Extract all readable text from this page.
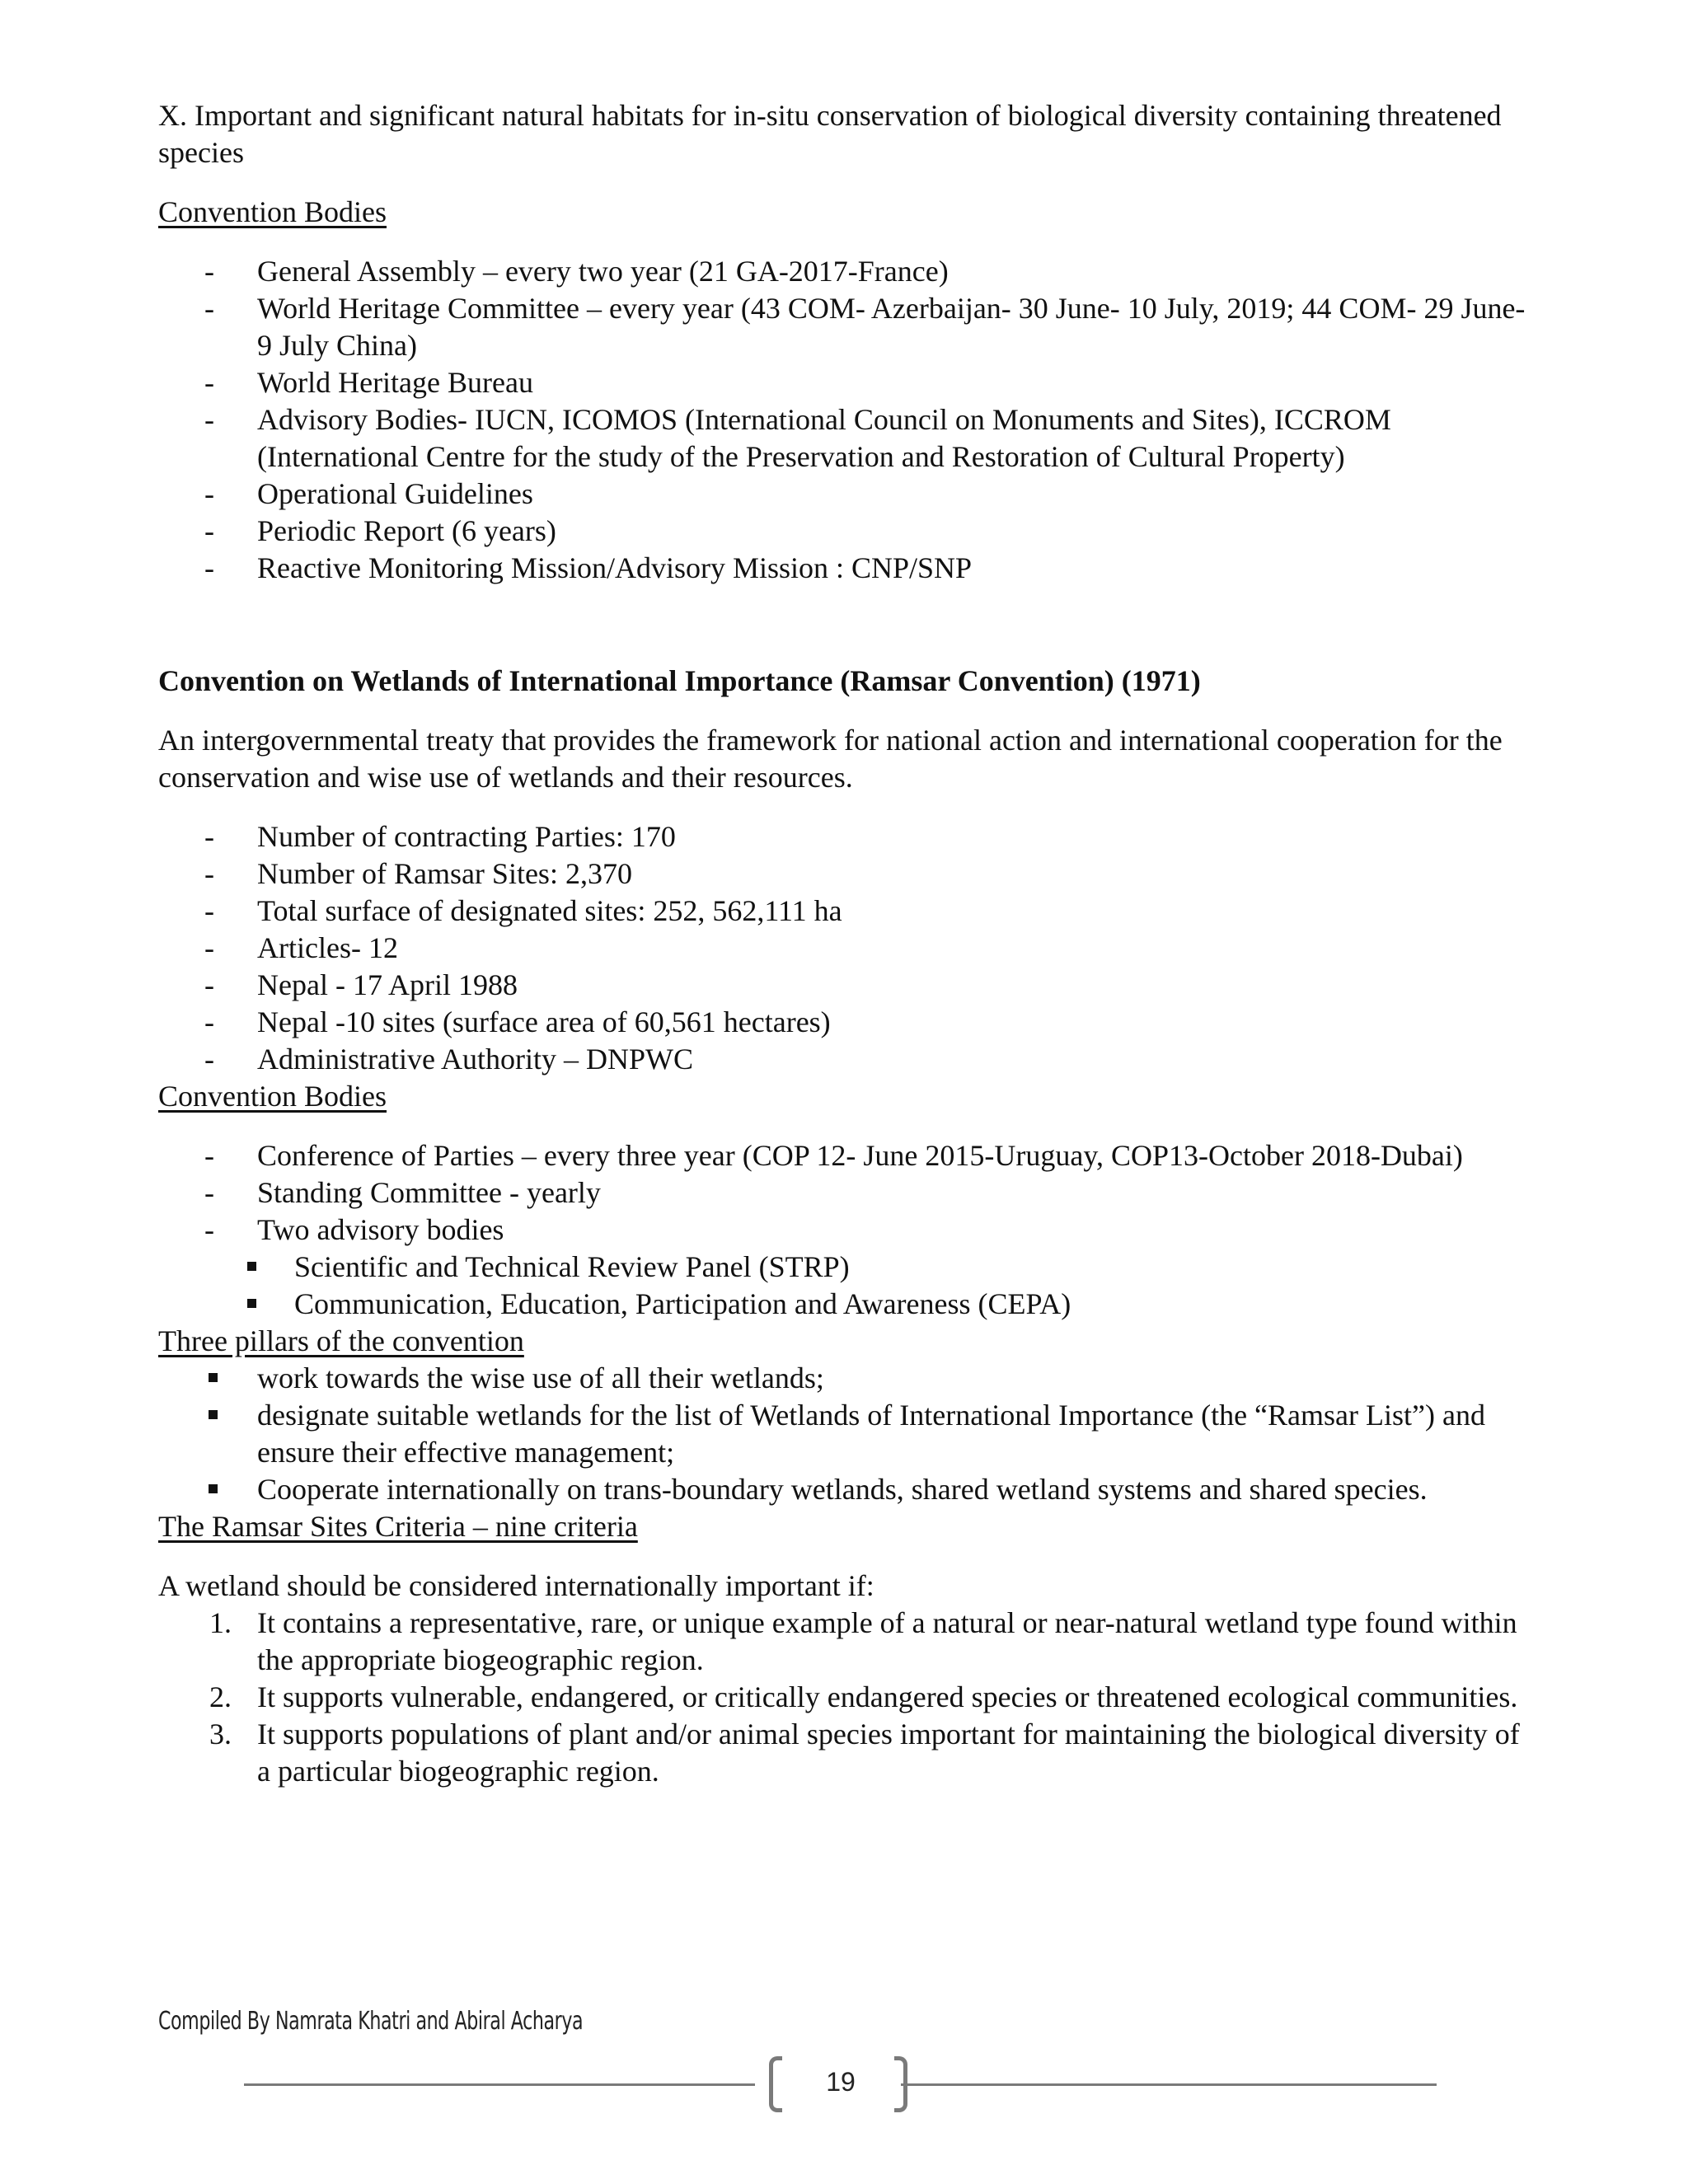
X. Important and significant natural habitats for in-situ conservation of biological diversity containing threatened species

Convention Bodies

- General Assembly – every two year (21 GA-2017-France)
- World Heritage Committee – every year (43 COM- Azerbaijan- 30 June- 10 July, 2019; 44 COM- 29 June-9 July China)
- World Heritage Bureau
- Advisory Bodies- IUCN, ICOMOS (International Council on Monuments and Sites), ICCROM (International Centre for the study of the Preservation and Restoration of Cultural Property)
- Operational Guidelines
- Periodic Report (6 years)
- Reactive Monitoring Mission/Advisory Mission : CNP/SNP

Convention on Wetlands of International Importance (Ramsar Convention) (1971)

An intergovernmental treaty that provides the framework for national action and international cooperation for the conservation and wise use of wetlands and their resources.

- Number of contracting Parties: 170
- Number of Ramsar Sites: 2,370
- Total surface of designated sites: 252, 562,111 ha
- Articles- 12
- Nepal - 17 April 1988
- Nepal -10 sites (surface area of 60,561 hectares)
- Administrative Authority – DNPWC

Convention Bodies

- Conference of Parties – every three year (COP 12- June 2015-Uruguay, COP13-October 2018-Dubai)
- Standing Committee - yearly
- Two advisory bodies
Scientific and Technical Review Panel (STRP)
Communication, Education, Participation and Awareness (CEPA)

Three pillars of the convention

work towards the wise use of all their wetlands;
designate suitable wetlands for the list of Wetlands of International Importance (the “Ramsar List”) and ensure their effective management;
Cooperate internationally on trans-boundary wetlands, shared wetland systems and shared species.

The Ramsar Sites Criteria – nine criteria

A wetland should be considered internationally important if:

1. It contains a representative, rare, or unique example of a natural or near-natural wetland type found within the appropriate biogeographic region.
2. It supports vulnerable, endangered, or critically endangered species or threatened ecological communities.
3. It supports populations of plant and/or animal species important for maintaining the biological diversity of a particular biogeographic region.
Compiled By Namrata Khatri and Abiral Acharya
19
